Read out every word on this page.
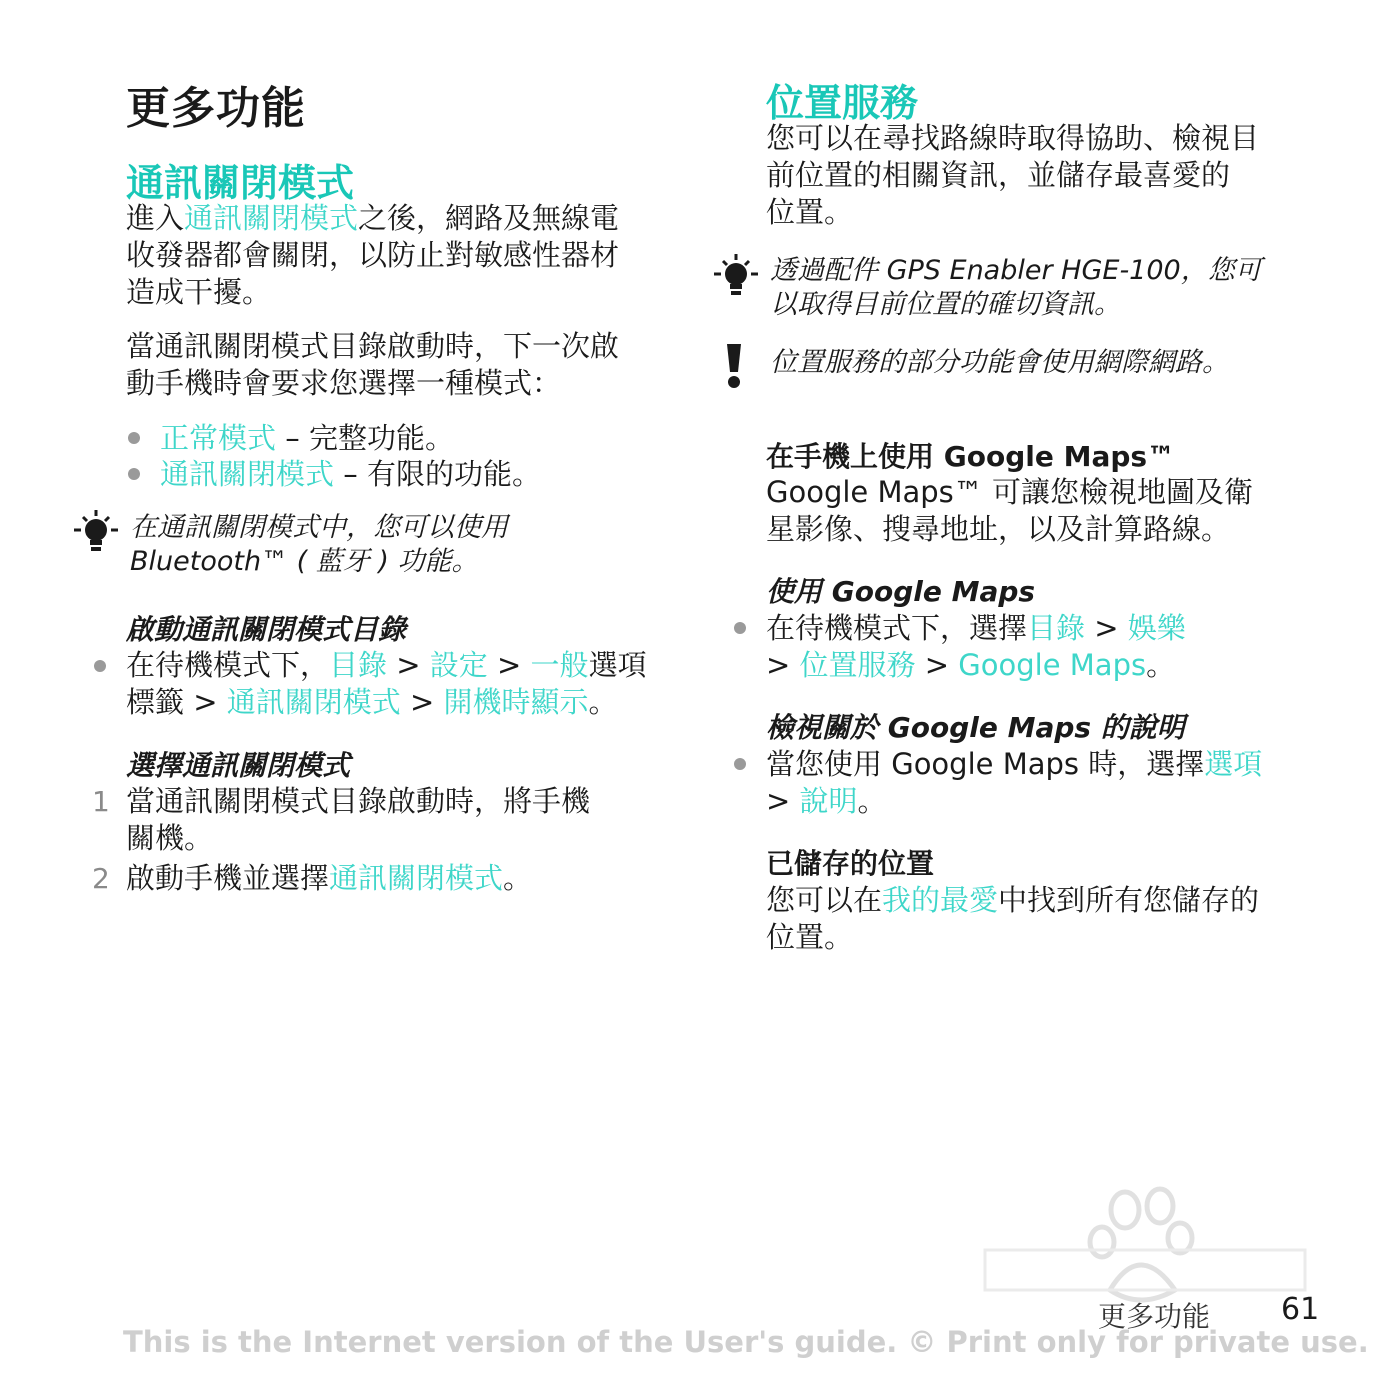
更多功能
通訊關閉模式
進入通訊關閉模式之後，網路及無線電
收發器都會關閉，以防止對敏感性器材
造成干擾。
當通訊關閉模式目錄啟動時，下一次啟
動手機時會要求您選擇一種模式：
正常模式 – 完整功能。
通訊關閉模式 – 有限的功能。
在通訊關閉模式中，您可以使用
Bluetooth™ ( 藍牙 ) 功能。
啟動通訊關閉模式目錄
在待機模式下，目錄 > 設定 > 一般選項
標籤 > 通訊關閉模式 > 開機時顯示。
選擇通訊關閉模式
1 當通訊關閉模式目錄啟動時，將手機
關機。
2 啟動手機並選擇通訊關閉模式。
位置服務
您可以在尋找路線時取得協助、檢視目
前位置的相關資訊，並儲存最喜愛的
位置。
透過配件 GPS Enabler HGE-100，您可
以取得目前位置的確切資訊。
位置服務的部分功能會使用網際網路。
在手機上使用 Google Maps™
Google Maps™ 可讓您檢視地圖及衛
星影像、搜尋地址，以及計算路線。
使用 Google Maps
在待機模式下，選擇目錄 > 娛樂
> 位置服務 > Google Maps。
檢視關於 Google Maps 的說明
當您使用 Google Maps 時，選擇選項
> 說明。
已儲存的位置
您可以在我的最愛中找到所有您儲存的
位置。
更多功能 61
This is the Internet version of the User's guide. © Print only for private use.
